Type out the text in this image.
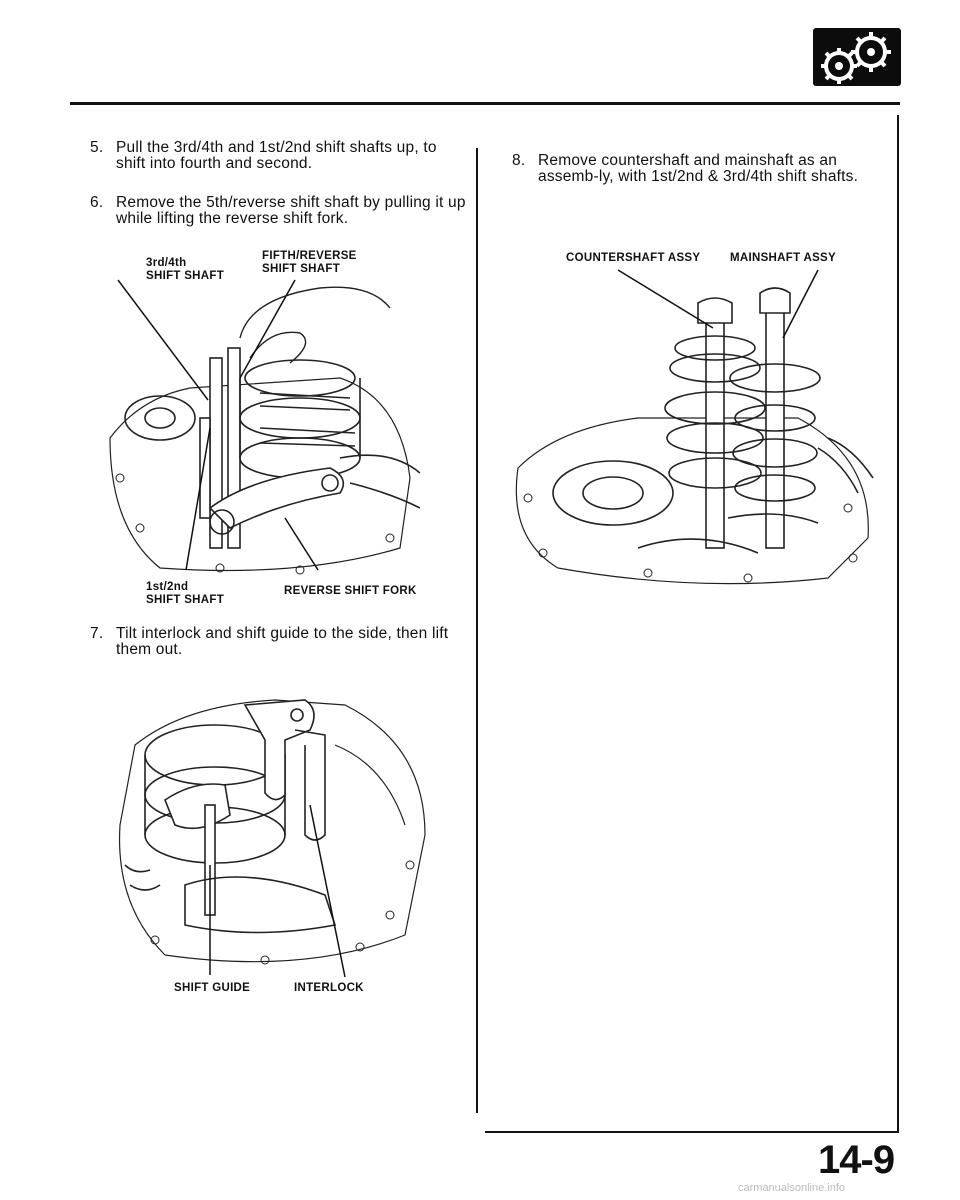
5. Pull the 3rd/4th and 1st/2nd shift shafts up, to shift into fourth and second.
6. Remove the 5th/reverse shift shaft by pulling it up while lifting the reverse shift fork.
3rd/4th
SHIFT SHAFT
FIFTH/REVERSE
SHIFT SHAFT
1st/2nd
SHIFT SHAFT
REVERSE SHIFT FORK
7. Tilt interlock and shift guide to the side, then lift them out.
SHIFT GUIDE	INTERLOCK
8. Remove countershaft and mainshaft as an assemb-ly, with 1st/2nd & 3rd/4th shift shafts.
COUNTERSHAFT ASSY	MAINSHAFT ASSY
14-9
carmanualsonline.info
